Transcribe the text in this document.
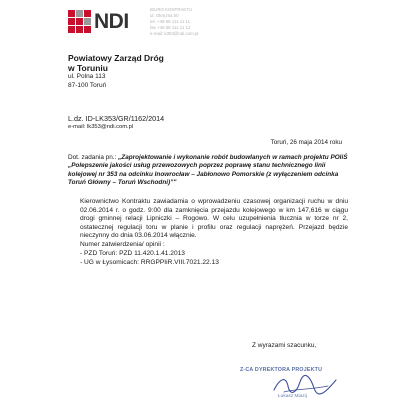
NDI	BIURO KONTRAKTU
ul. Okrężna 50
tel. +48 58 111 11 11
fax +48 58 111 11 12
e-mail: k353@ndi.com.pl
Powiatowy Zarząd Dróg
w Toruniu
ul. Polna 113
87-100 Toruń
L.dz. ID-LK353/GR/1162/2014
e-mail: lk353@ndi.com.pl
Toruń, 26 maja 2014 roku
Dot. zadania pn.: „Zaprojektowanie i wykonanie robót budowlanych w ramach projektu POIiŚ „Polepszenie jakości usług przewozowych poprzez poprawę stanu technicznego linii kolejowej nr 353 na odcinku Inowrocław – Jabłonowo Pomorskie (z wyłączeniem odcinka Toruń Główny – Toruń Wschodni)”"

Kierownictwo Kontraktu zawiadamia o wprowadzeniu czasowej organizacji ruchu w dniu 02.06.2014 r. o godz. 9:00 dla zamknięcia przejazdu kolejowego w km 147,616 w ciągu drogi gminnej relacji Lipniczki – Rogowo. W celu uzupełnienia tłucznia w torze nr 2, ostatecznej regulacji toru w planie i profilu oraz regulacji naprężeń. Przejazd będzie nieczynny do dnia 03.06.2014 włącznie.

Numer zatwierdzenia/ opinii :
- PZD Toruń: PZD 11.420.1.41.2013
- UG w Łysomicach: RRGPPIiR.VIII.7021.22.13
Z wyrazami szacunku,
Z-CA DYREKTORA PROJEKTU
Łukasz Miazij
